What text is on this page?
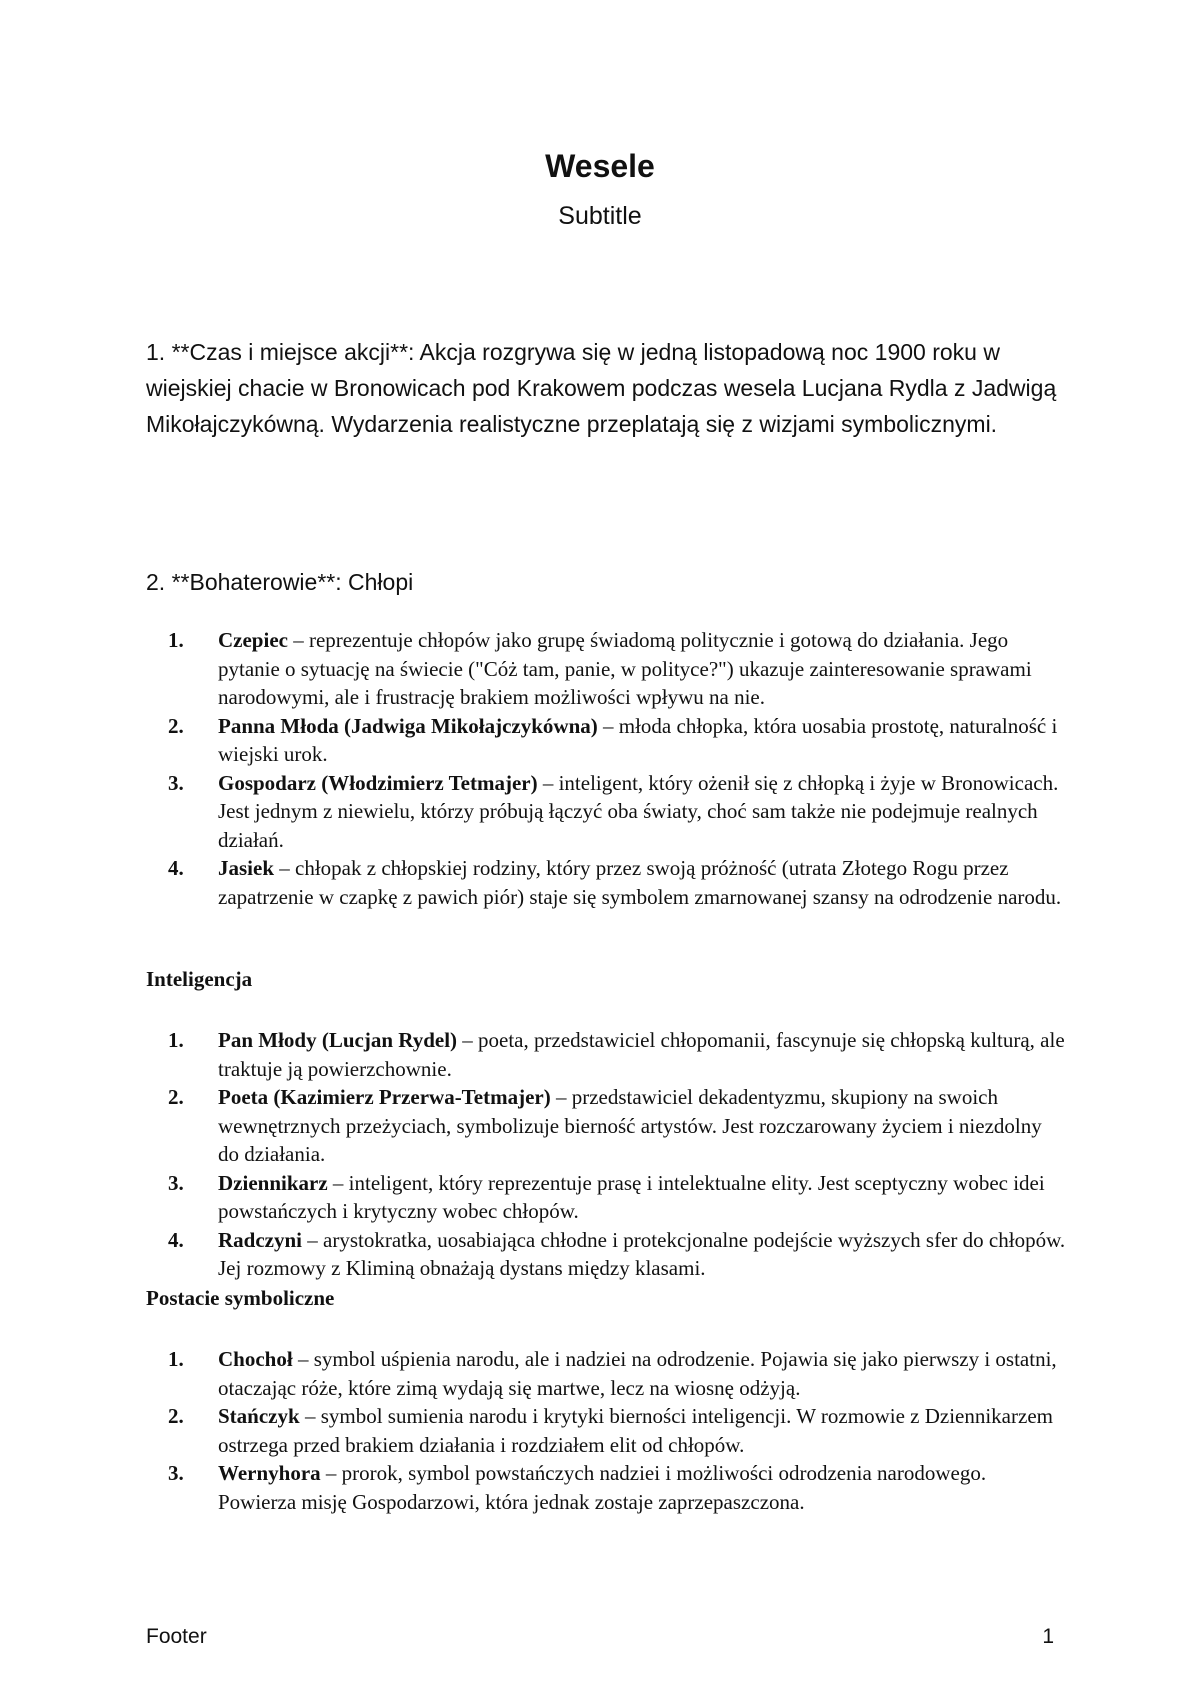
Wesele
Subtitle

1. **Czas i miejsce akcji**: Akcja rozgrywa się w jedną listopadową noc 1900 roku w wiejskiej chacie w Bronowicach pod Krakowem podczas wesela Lucjana Rydla z Jadwigą Mikołajczykówną. Wydarzenia realistyczne przeplatają się z wizjami symbolicznymi.

2. **Bohaterowie**: Chłopi

1.	Czepiec – reprezentuje chłopów jako grupę świadomą politycznie i gotową do działania. Jego pytanie o sytuację na świecie ("Cóż tam, panie, w polityce?") ukazuje zainteresowanie sprawami narodowymi, ale i frustrację brakiem możliwości wpływu na nie.
2.	Panna Młoda (Jadwiga Mikołajczykówna) – młoda chłopka, która uosabia prostotę, naturalność i wiejski urok.
3.	Gospodarz (Włodzimierz Tetmajer) – inteligent, który ożenił się z chłopką i żyje w Bronowicach. Jest jednym z niewielu, którzy próbują łączyć oba światy, choć sam także nie podejmuje realnych działań.
4.	Jasiek – chłopak z chłopskiej rodziny, który przez swoją próżność (utrata Złotego Rogu przez zapatrzenie w czapkę z pawich piór) staje się symbolem zmarnowanej szansy na odrodzenie narodu.

Inteligencja

1.	Pan Młody (Lucjan Rydel) – poeta, przedstawiciel chłopomanii, fascynuje się chłopską kulturą, ale traktuje ją powierzchownie.
2.	Poeta (Kazimierz Przerwa-Tetmajer) – przedstawiciel dekadentyzmu, skupiony na swoich wewnętrznych przeżyciach, symbolizuje bierność artystów. Jest rozczarowany życiem i niezdolny do działania.
3.	Dziennikarz – inteligent, który reprezentuje prasę i intelektualne elity. Jest sceptyczny wobec idei powstańczych i krytyczny wobec chłopów.
4.	Radczyni – arystokratka, uosabiająca chłodne i protekcjonalne podejście wyższych sfer do chłopów. Jej rozmowy z Kliminą obnażają dystans między klasami.

Postacie symboliczne

1.	Chochoł – symbol uśpienia narodu, ale i nadziei na odrodzenie. Pojawia się jako pierwszy i ostatni, otaczając róże, które zimą wydają się martwe, lecz na wiosnę odżyją.
2.	Stańczyk – symbol sumienia narodu i krytyki bierności inteligencji. W rozmowie z Dziennikarzem ostrzega przed brakiem działania i rozdziałem elit od chłopów.
3.	Wernyhora – prorok, symbol powstańczych nadziei i możliwości odrodzenia narodowego. Powierza misję Gospodarzowi, która jednak zostaje zaprzepaszczona.
Footer	1
